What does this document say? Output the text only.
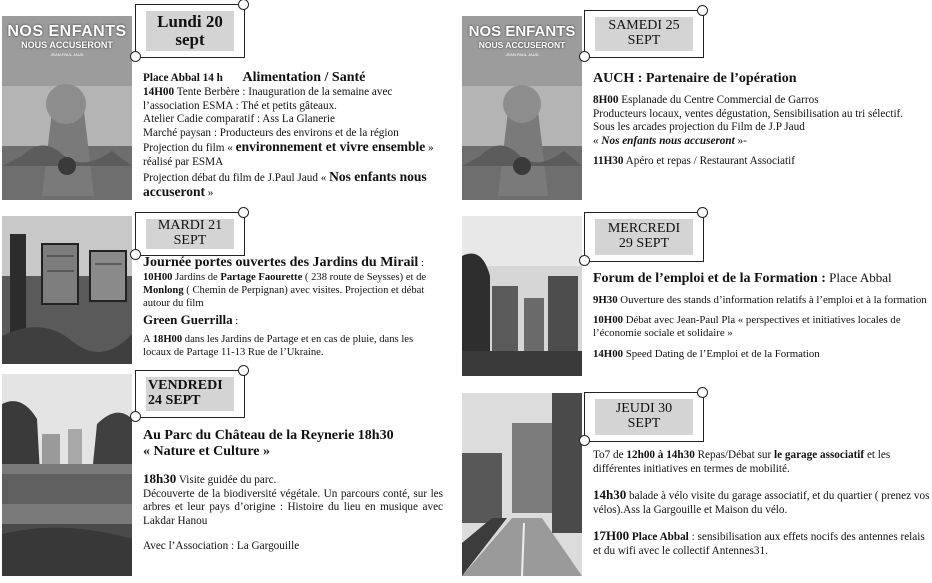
NOS ENFANTS
NOUS ACCUSERONT
JEAN-PAUL JAUD
Lundi 20
sept

Place Abbal 14 h Alimentation / Santé

14H00 Tente Berbère : Inauguration de la semaine avec l’association ESMA : Thé et petits gâteaux.

Atelier Cadie comparatif : Ass La Glanerie

Marché paysan : Producteurs des environs et de la région

Projection du film « environnement et vivre ensemble » réalisé par ESMA

Projection débat du film de J.Paul Jaud « Nos enfants nous accuseront »

MARDI 21
SEPT

Journée portes ouvertes des Jardins du Mirail : 10H00 Jardins de Partage Faourette ( 238 route de Seysses) et de Monlong ( Chemin de Perpignan) avec visites. Projection et débat autour du film

Green Guerrilla :

A 18H00 dans les Jardins de Partage et en cas de pluie, dans les locaux de Partage 11-13 Rue de l’Ukraine.

VENDREDI
24 SEPT

Au Parc du Château de la Reynerie 18h30

« Nature et Culture »

18h30 Visite guidée du parc.

Découverte de la biodiversité végétale. Un parcours conté, sur les arbres et leur pays d’origine : Histoire du lieu en musique avec Lakdar Hanou

Avec l’Association : La Gargouille

NOS ENFANTS
NOUS ACCUSERONT
JEAN-PAUL JAUD
SAMEDI 25
SEPT

AUCH : Partenaire de l’opération

8H00 Esplanade du Centre Commercial de Garros

Producteurs locaux, ventes dégustation, Sensibilisation au tri sélectif.

Sous les arcades projection du Film de J.P Jaud

« Nos enfants nous accuseront »-

11H30 Apéro et repas / Restaurant Associatif

MERCREDI
29 SEPT

Forum de l’emploi et de la Formation : Place Abbal

9H30 Ouverture des stands d’information relatifs à l’emploi et à la formation

10H00 Débat avec Jean-Paul Pla « perspectives et initiatives locales de l’économie sociale et solidaire »

14H00 Speed Dating de l’Emploi et de la Formation

JEUDI 30
SEPT

To7 de 12h00 à 14h30 Repas/Débat sur le garage associatif et les différentes initiatives en termes de mobilité.

14h30 balade à vélo visite du garage associatif, et du quartier ( prenez vos vélos).Ass la Gargouille et Maison du vélo.

17H00 Place Abbal : sensibilisation aux effets nocifs des antennes relais et du wifi avec le collectif Antennes31.
